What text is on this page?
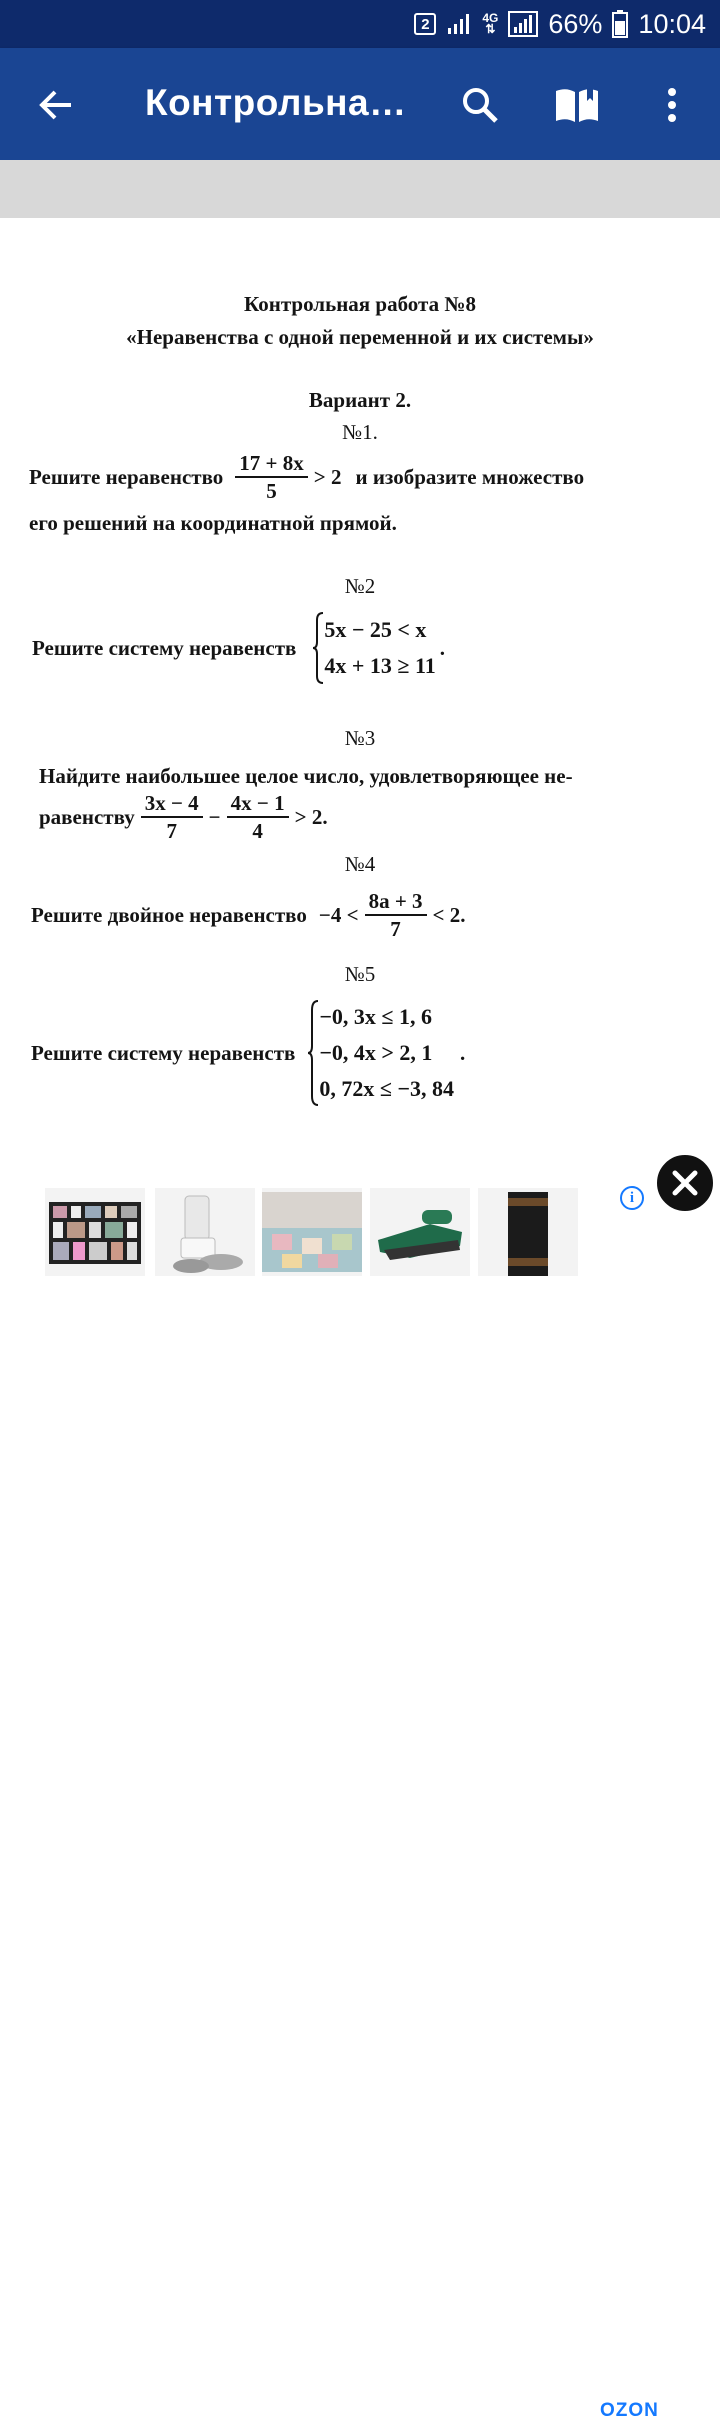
2	4G
⇅ 66% 10:04
Контрольна…
Контрольная работа №8
«Неравенства с одной переменной и их системы»
Вариант 2.
№1.
Решите неравенство $\frac{17 + 8x}{5} > 2$ и изобразите множество
его решений на координатной прямой.
№2
Решите систему неравенств
5x − 25 < x
4x + 13 ≥ 11
.
№3
Найдите наибольшее целое число, удовлетворяющее не-
равенству $\frac{3x - 4}{7} - \frac{4x - 1}{4} > 2$.
№4
Решите двойное неравенство $-4 < \frac{8a + 3}{7} < 2$.
№5
Решите систему неравенств
−0, 3x ≤ 1, 6
−0, 4x > 2, 1
0, 72x ≤ −3, 84
.
OZON
i
